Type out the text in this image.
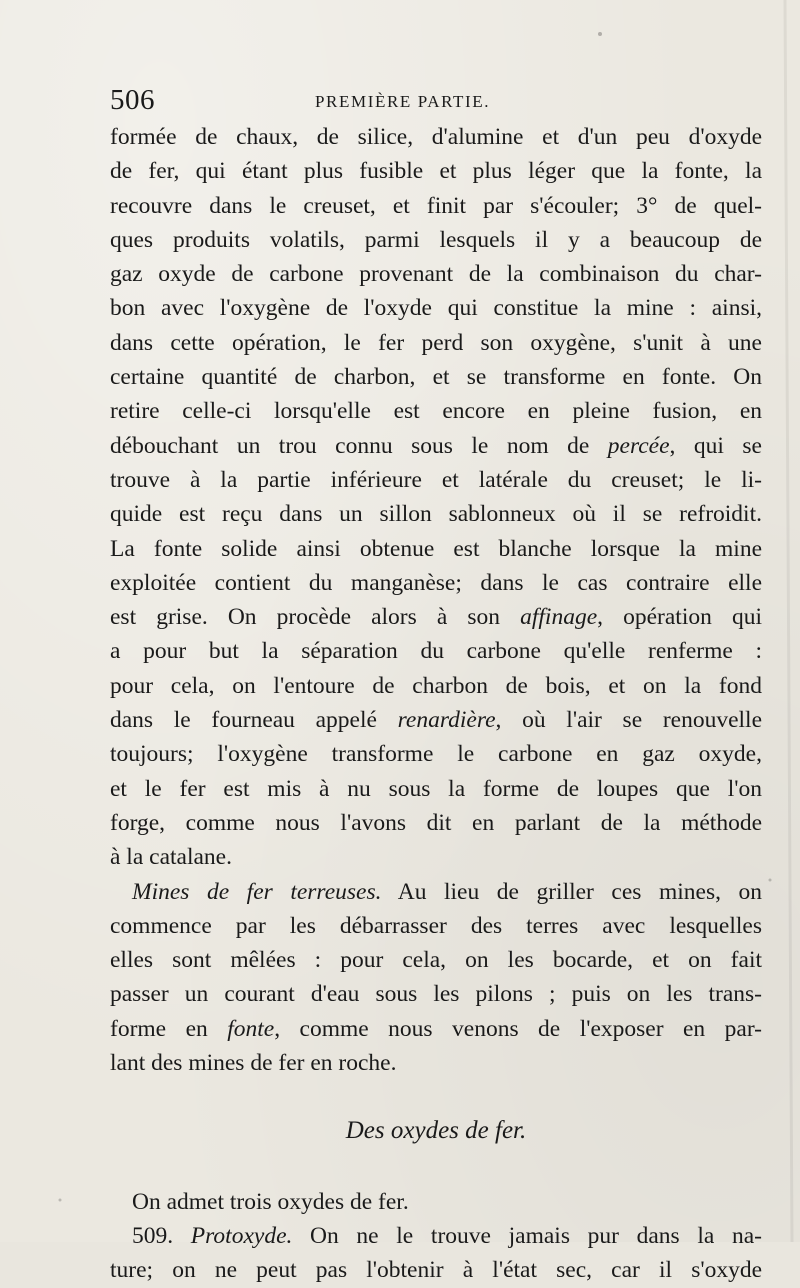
506	PREMIÈRE PARTIE.
formée de chaux, de silice, d'alumine et d'un peu d'oxyde
de fer, qui étant plus fusible et plus léger que la fonte, la
recouvre dans le creuset, et finit par s'écouler; 3° de quel-
ques produits volatils, parmi lesquels il y a beaucoup de
gaz oxyde de carbone provenant de la combinaison du char-
bon avec l'oxygène de l'oxyde qui constitue la mine : ainsi,
dans cette opération, le fer perd son oxygène, s'unit à une
certaine quantité de charbon, et se transforme en fonte. On
retire celle-ci lorsqu'elle est encore en pleine fusion, en
débouchant un trou connu sous le nom de percée, qui se
trouve à la partie inférieure et latérale du creuset; le li-
quide est reçu dans un sillon sablonneux où il se refroidit.
La fonte solide ainsi obtenue est blanche lorsque la mine
exploitée contient du manganèse; dans le cas contraire elle
est grise. On procède alors à son affinage, opération qui
a pour but la séparation du carbone qu'elle renferme :
pour cela, on l'entoure de charbon de bois, et on la fond
dans le fourneau appelé renardière, où l'air se renouvelle
toujours; l'oxygène transforme le carbone en gaz oxyde,
et le fer est mis à nu sous la forme de loupes que l'on
forge, comme nous l'avons dit en parlant de la méthode
à la catalane.
Mines de fer terreuses. Au lieu de griller ces mines, on
commence par les débarrasser des terres avec lesquelles
elles sont mêlées : pour cela, on les bocarde, et on fait
passer un courant d'eau sous les pilons ; puis on les trans-
forme en fonte, comme nous venons de l'exposer en par-
lant des mines de fer en roche.
Des oxydes de fer.
On admet trois oxydes de fer.
509. Protoxyde. On ne le trouve jamais pur dans la na-
ture; on ne peut pas l'obtenir à l'état sec, car il s'oxyde
